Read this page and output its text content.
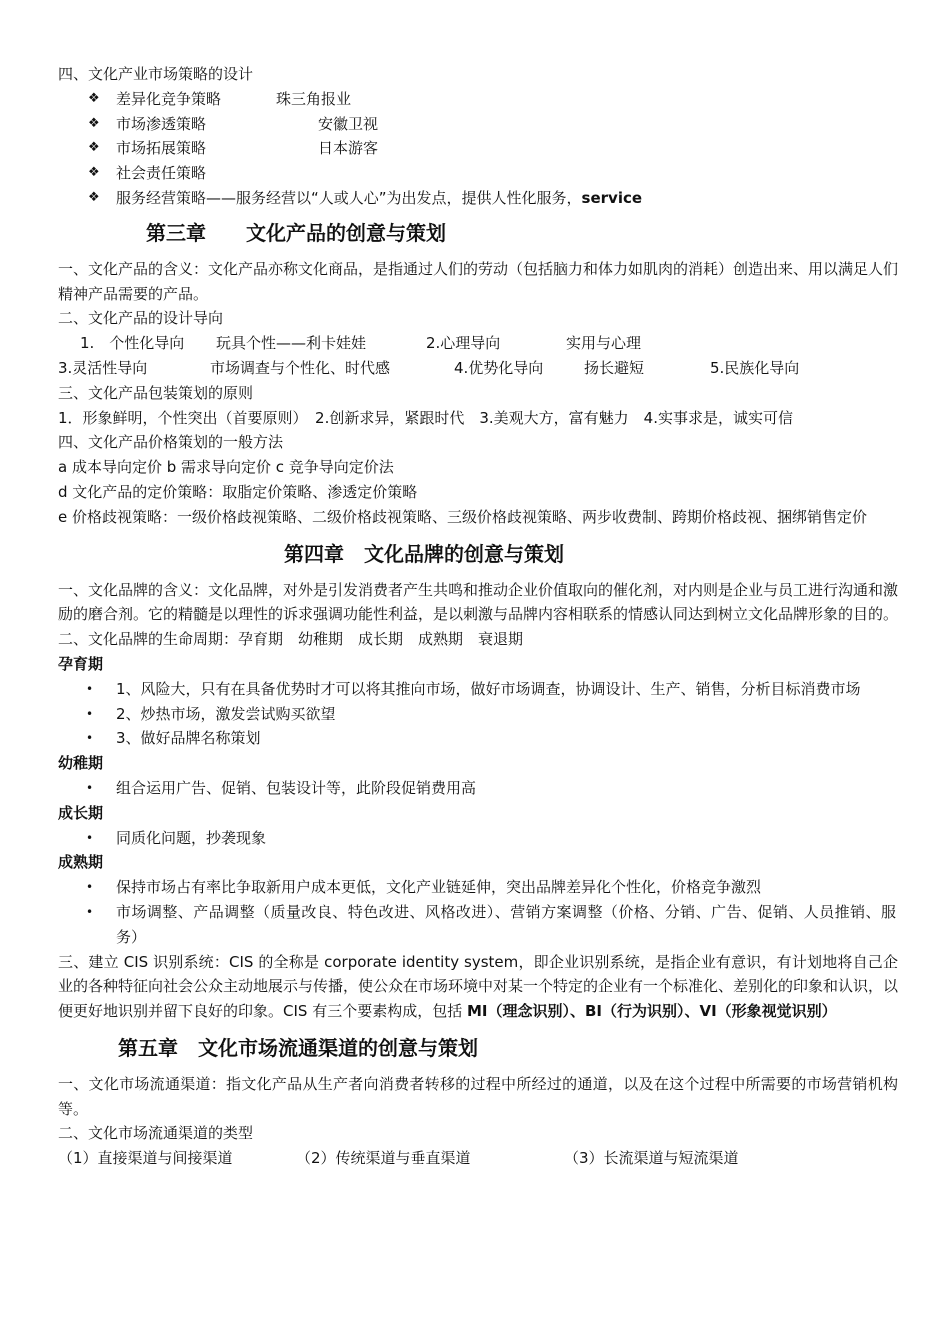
四、文化产业市场策略的设计
❖	差异化竞争策略	珠三角报业
❖	市场渗透策略	安徽卫视
❖	市场拓展策略	日本游客
❖	社会责任策略
❖	服务经营策略——服务经营以“人或人心”为出发点，提供人性化服务， service
第三章　　文化产品的创意与策划
一、文化产品的含义：文化产品亦称文化商品，是指通过人们的劳动（包括脑力和体力如肌肉的消耗）创造出来、用以满足人们精神产品需要的产品。
二、文化产品的设计导向
1.　个性化导向 玩具个性——利卡娃娃	2.心理导向	实用与心理
3.灵活性导向	市场调查与个性化、时代感	4.优势化导向	扬长避短	5.民族化导向
三、文化产品包装策划的原则
1．形象鲜明，个性突出（首要原则）　2.创新求异，紧跟时代　3.美观大方，富有魅力　4.实事求是，诚实可信
四、文化产品价格策划的一般方法
a 成本导向定价 b 需求导向定价 c 竞争导向定价法
d 文化产品的定价策略：取脂定价策略、渗透定价策略
e 价格歧视策略：一级价格歧视策略、二级价格歧视策略、三级价格歧视策略、两步收费制、跨期价格歧视、捆绑销售定价
第四章　文化品牌的创意与策划
一、文化品牌的含义：文化品牌，对外是引发消费者产生共鸣和推动企业价值取向的催化剂，对内则是企业与员工进行沟通和激励的磨合剂。它的精髓是以理性的诉求强调功能性利益，是以刺激与品牌内容相联系的情感认同达到树立文化品牌形象的目的。
二、文化品牌的生命周期：孕育期　幼稚期　成长期　成熟期　衰退期
孕育期
•	1、风险大，只有在具备优势时才可以将其推向市场，做好市场调查，协调设计、生产、销售，分析目标消费市场
•	2、炒热市场，激发尝试购买欲望
•	3、做好品牌名称策划
幼稚期
•	组合运用广告、促销、包装设计等，此阶段促销费用高
成长期
•	同质化问题，抄袭现象
成熟期
•	保持市场占有率比争取新用户成本更低，文化产业链延伸，突出品牌差异化个性化，价格竞争激烈
•	市场调整、产品调整（质量改良、特色改进、风格改进）、营销方案调整（价格、分销、广告、促销、人员推销、服务）
三、建立 CIS 识别系统：CIS 的全称是 corporate identity system，即企业识别系统，是指企业有意识，有计划地将自己企业的各种特征向社会公众主动地展示与传播，使公众在市场环境中对某一个特定的企业有一个标准化、差别化的印象和认识，以便更好地识别并留下良好的印象。CIS 有三个要素构成，包括 MI（理念识别）、BI（行为识别）、VI（形象视觉识别）
第五章　文化市场流通渠道的创意与策划
一、文化市场流通渠道：指文化产品从生产者向消费者转移的过程中所经过的通道，以及在这个过程中所需要的市场营销机构等。
二、文化市场流通渠道的类型
（1）直接渠道与间接渠道	（2）传统渠道与垂直渠道	（3）长流渠道与短流渠道
